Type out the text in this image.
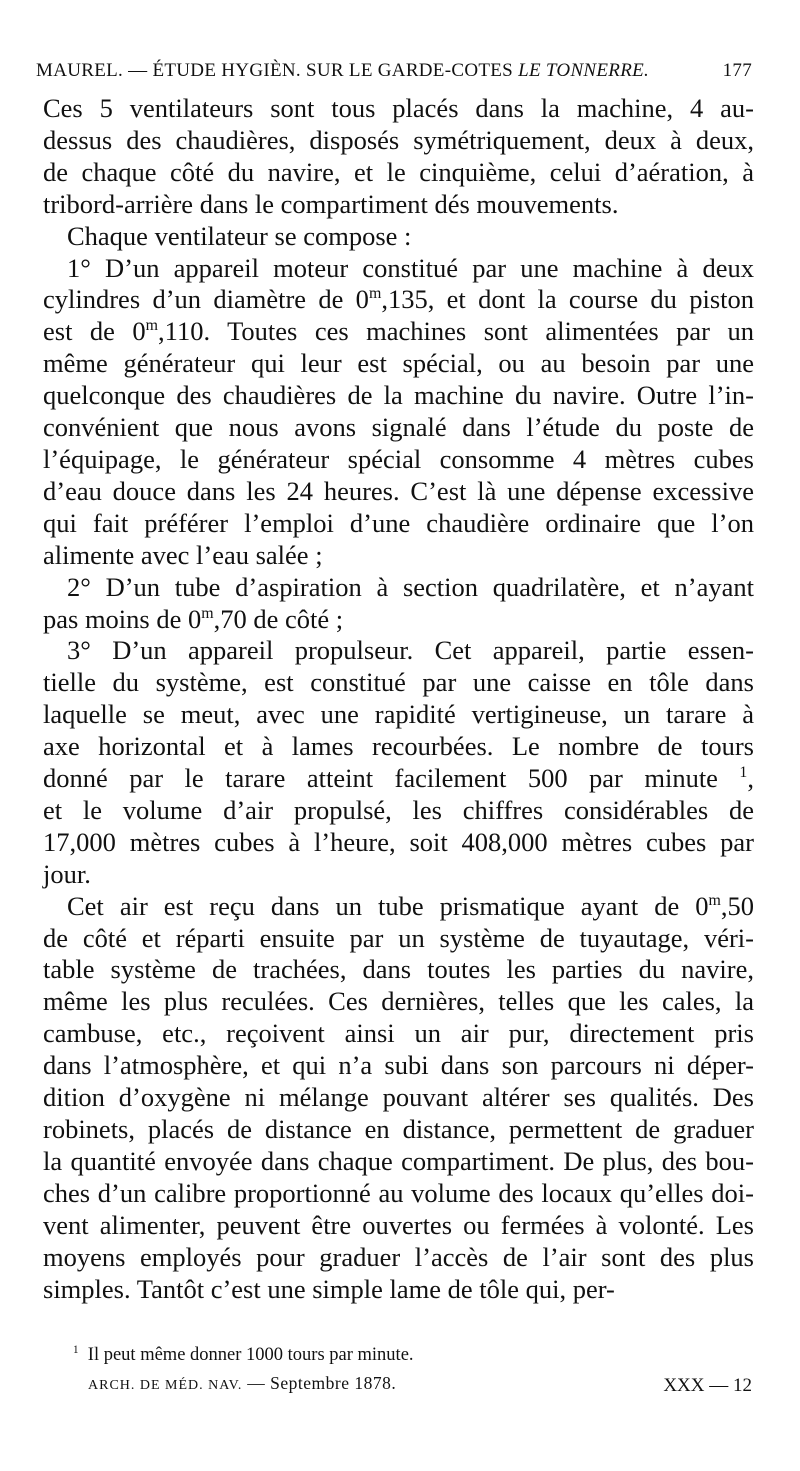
MAUREL. — ÉTUDE HYGIÈN. SUR LE GARDE-COTES LE TONNERRE.	177
Ces 5 ventilateurs sont tous placés dans la machine, 4 au-
dessus des chaudières, disposés symétriquement, deux à deux,
de chaque côté du navire, et le cinquième, celui d’aération, à
tribord-arrière dans le compartiment dés mouvements.
Chaque ventilateur se compose :
1° D’un appareil moteur constitué par une machine à deux
cylindres d’un diamètre de 0$^m$,135, et dont la course du piston
est de 0$^m$,110. Toutes ces machines sont alimentées par un
même générateur qui leur est spécial, ou au besoin par une
quelconque des chaudières de la machine du navire. Outre l’in-
convénient que nous avons signalé dans l’étude du poste de
l’équipage, le générateur spécial consomme 4 mètres cubes
d’eau douce dans les 24 heures. C’est là une dépense excessive
qui fait préférer l’emploi d’une chaudière ordinaire que l’on
alimente avec l’eau salée ;
2° D’un tube d’aspiration à section quadrilatère, et n’ayant
pas moins de 0$^m$,70 de côté ;
3° D’un appareil propulseur. Cet appareil, partie essen-
tielle du système, est constitué par une caisse en tôle dans
laquelle se meut, avec une rapidité vertigineuse, un tarare à
axe horizontal et à lames recourbées. Le nombre de tours
donné par le tarare atteint facilement 500 par minute $^1$,
et le volume d’air propulsé, les chiffres considérables de
17,000 mètres cubes à l’heure, soit 408,000 mètres cubes par
jour.
Cet air est reçu dans un tube prismatique ayant de 0$^m$,50
de côté et réparti ensuite par un système de tuyautage, véri-
table système de trachées, dans toutes les parties du navire,
même les plus reculées. Ces dernières, telles que les cales, la
cambuse, etc., reçoivent ainsi un air pur, directement pris
dans l’atmosphère, et qui n’a subi dans son parcours ni déper-
dition d’oxygène ni mélange pouvant altérer ses qualités. Des
robinets, placés de distance en distance, permettent de graduer
la quantité envoyée dans chaque compartiment. De plus, des bou-
ches d’un calibre proportionné au volume des locaux qu’elles doi-
vent alimenter, peuvent être ouvertes ou fermées à volonté. Les
moyens employés pour graduer l’accès de l’air sont des plus
simples. Tantôt c’est une simple lame de tôle qui, per-
$^1$  Il peut même donner 1000 tours par minute.
ARCH. DE MÉD. NAV. — Septembre 1878.	XXX — 12
